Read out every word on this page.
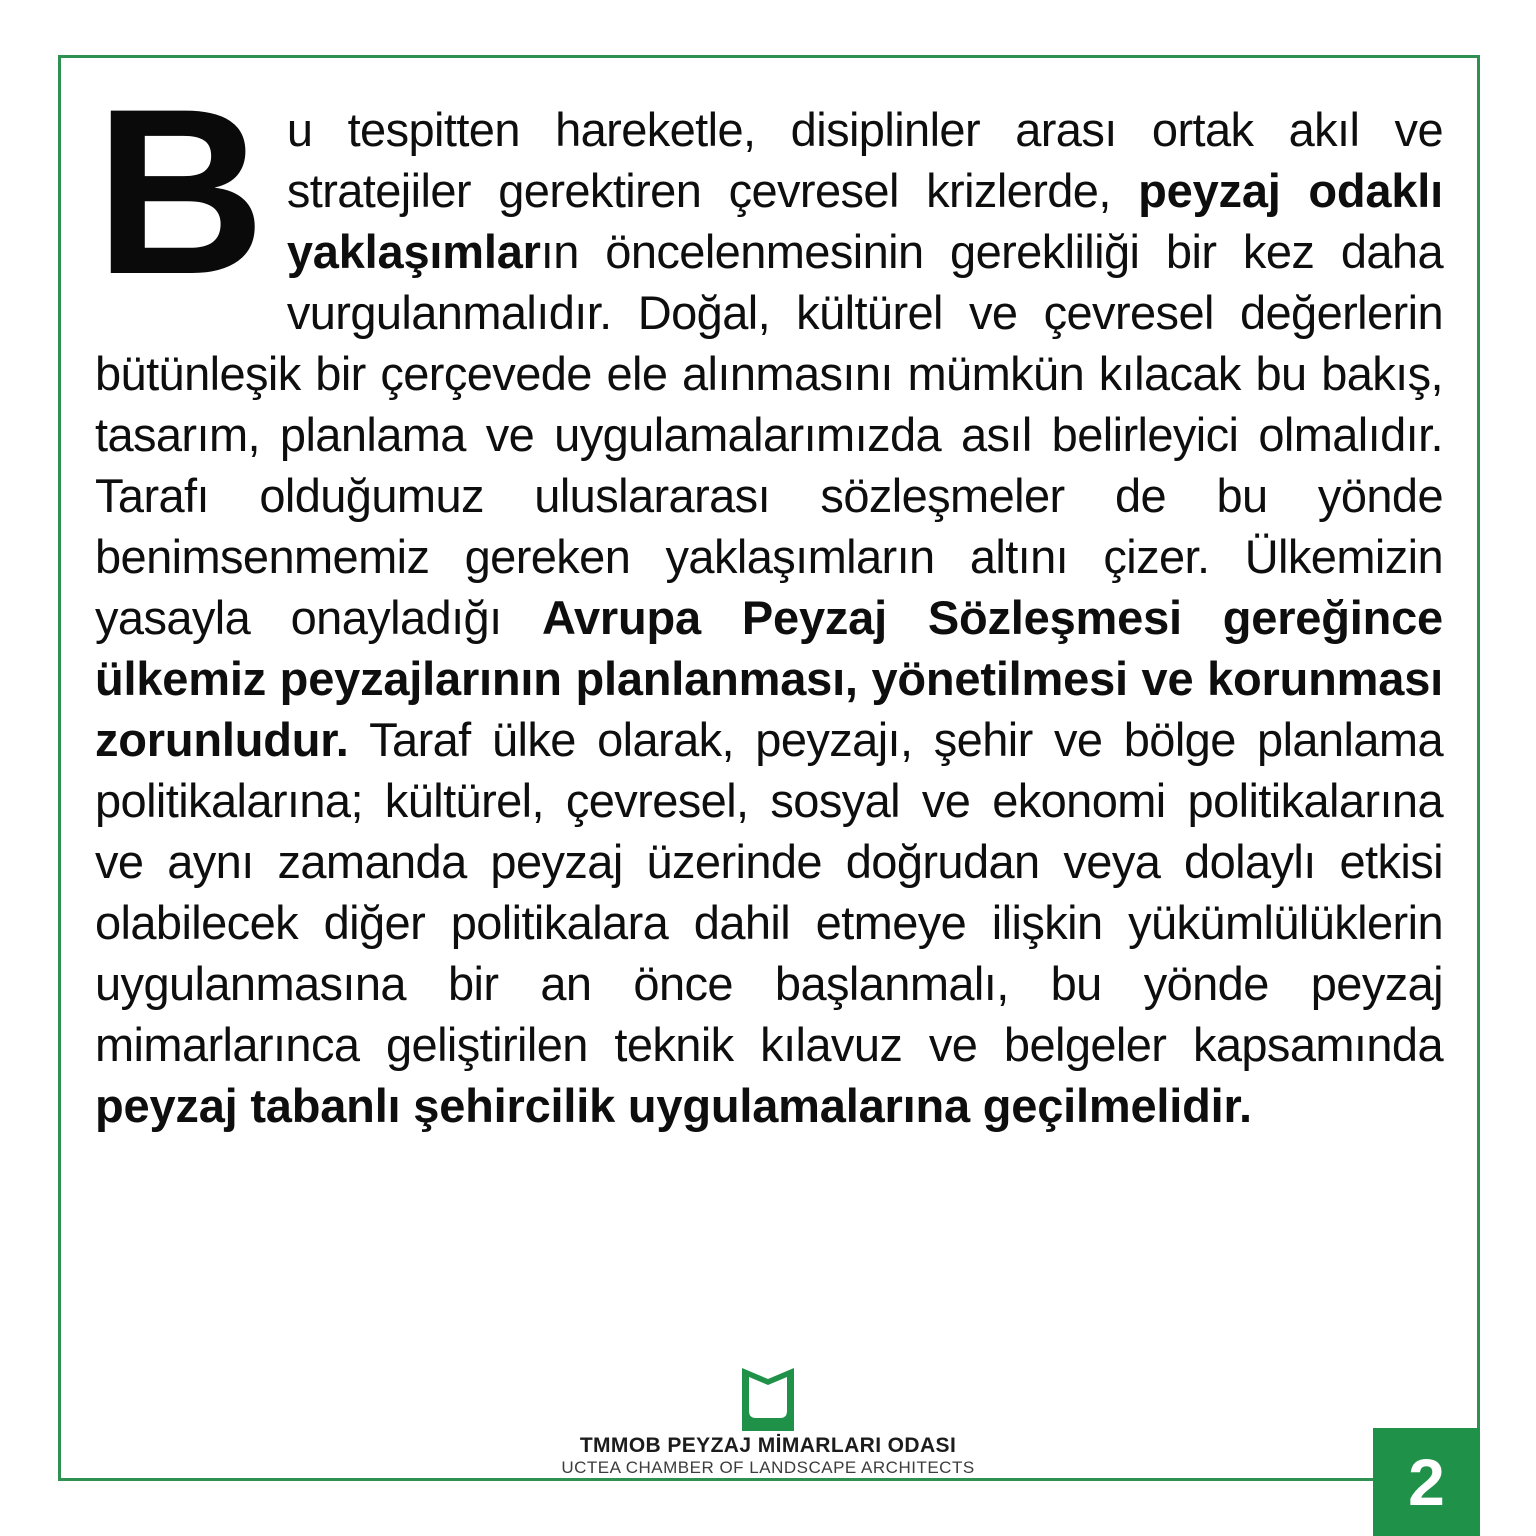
Bu tespitten hareketle, disiplinler arası ortak akıl ve stratejiler gerektiren çevresel krizlerde, peyzaj odaklı yaklaşımların öncelenmesinin gerekliliği bir kez daha vurgulanmalıdır. Doğal, kültürel ve çevresel değerlerin bütünleşik bir çerçevede ele alınmasını mümkün kılacak bu bakış, tasarım, planlama ve uygulamalarımızda asıl belirleyici olmalıdır. Tarafı olduğumuz uluslararası sözleşmeler de bu yönde benimsenmemiz gereken yaklaşımların altını çizer. Ülkemizin yasayla onayladığı Avrupa Peyzaj Sözleşmesi gereğince ülkemiz peyzajlarının planlanması, yönetilmesi ve korunması zorunludur. Taraf ülke olarak, peyzajı, şehir ve bölge planlama politikalarına; kültürel, çevresel, sosyal ve ekonomi politikalarına ve aynı zamanda peyzaj üzerinde doğrudan veya dolaylı etkisi olabilecek diğer politikalara dahil etmeye ilişkin yükümlülüklerin uygulanmasına bir an önce başlanmalı, bu yönde peyzaj mimarlarınca geliştirilen teknik kılavuz ve belgeler kapsamında peyzaj tabanlı şehircilik uygulamalarına geçilmelidir.
TMMOB PEYZAJ MİMARLARI ODASI
UCTEA CHAMBER OF LANDSCAPE ARCHITECTS	2
